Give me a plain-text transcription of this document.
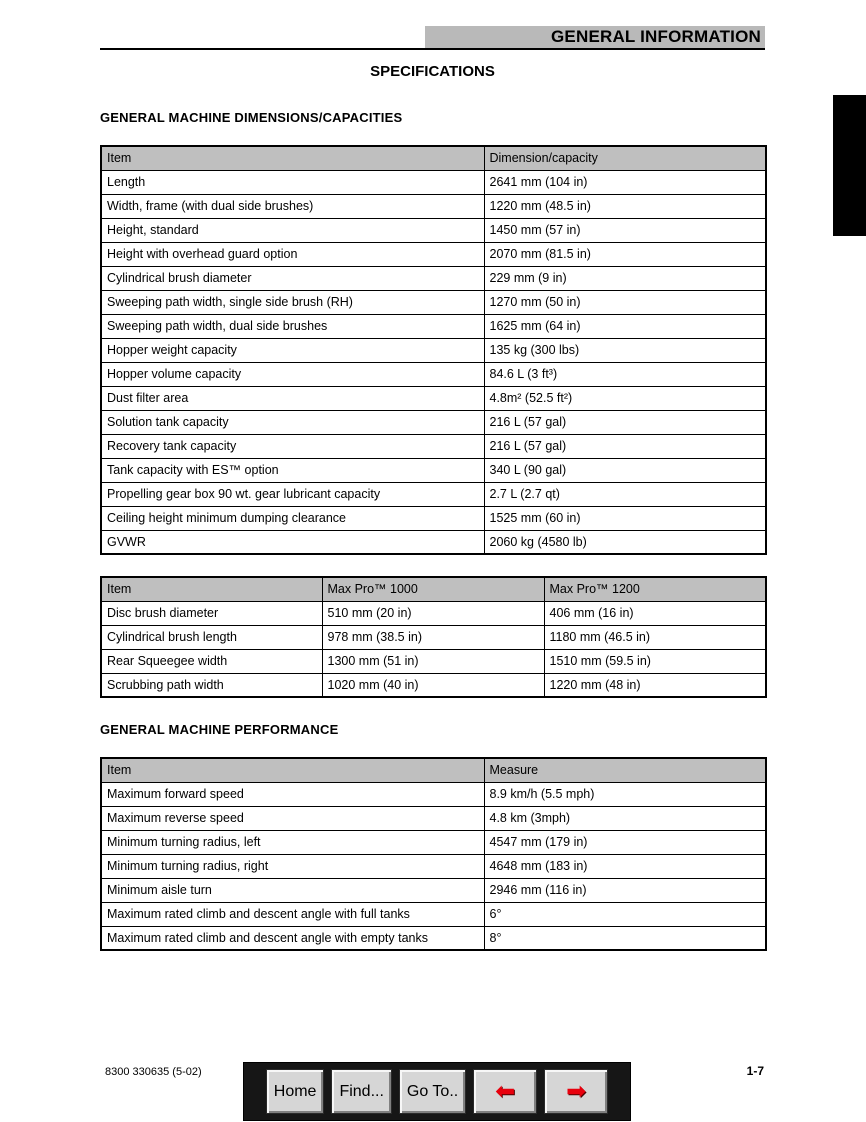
GENERAL INFORMATION
SPECIFICATIONS
GENERAL MACHINE DIMENSIONS/CAPACITIES
Item	Dimension/capacity
Length	2641 mm (104 in)
Width, frame (with dual side brushes)	1220 mm (48.5 in)
Height, standard	1450 mm (57 in)
Height with overhead guard option	2070 mm (81.5 in)
Cylindrical brush diameter	229 mm (9 in)
Sweeping path width, single side brush (RH)	1270 mm (50 in)
Sweeping path width, dual side brushes	1625 mm (64 in)
Hopper weight capacity	135 kg (300 lbs)
Hopper volume capacity	84.6 L (3 ft³)
Dust filter area	4.8m² (52.5 ft²)
Solution tank capacity	216 L (57 gal)
Recovery tank capacity	216 L (57 gal)
Tank capacity with ES™ option	340 L (90 gal)
Propelling gear box 90 wt. gear lubricant capacity	2.7 L (2.7 qt)
Ceiling height minimum dumping clearance	1525 mm (60 in)
GVWR	2060 kg (4580 lb)
Item	Max Pro™ 1000	Max Pro™ 1200
Disc brush diameter	510 mm (20 in)	406 mm (16 in)
Cylindrical brush length	978 mm (38.5 in)	1180 mm (46.5 in)
Rear Squeegee width	1300 mm (51 in)	1510 mm (59.5 in)
Scrubbing path width	1020 mm (40 in)	1220 mm (48 in)
GENERAL MACHINE PERFORMANCE
Item	Measure
Maximum forward speed	8.9 km/h (5.5 mph)
Maximum reverse speed	4.8 km (3mph)
Minimum turning radius, left	4547 mm (179 in)
Minimum turning radius, right	4648 mm (183 in)
Minimum aisle turn	2946 mm (116 in)
Maximum rated climb and descent angle with full tanks	6°
Maximum rated climb and descent angle with empty tanks	8°
8300 330635 (5-02)	1-7
Home	Find...	Go To..	⬅ ➡
